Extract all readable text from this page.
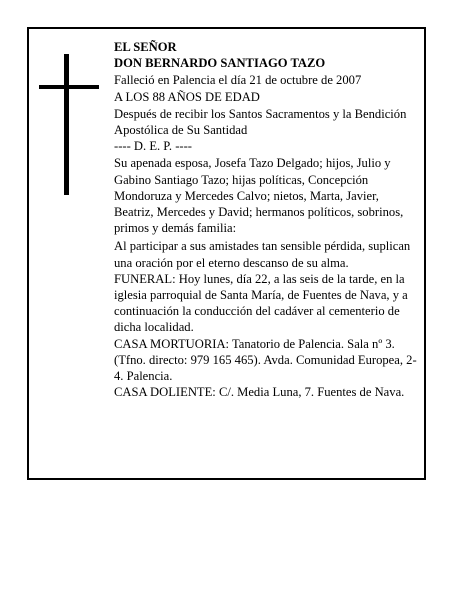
EL SEÑOR

DON BERNARDO SANTIAGO TAZO

Falleció en Palencia el día 21 de octubre de 2007

A LOS 88 AÑOS DE EDAD

Después de recibir los Santos Sacramentos y la Bendición Apostólica de Su Santidad

---- D. E. P. ----

Su apenada esposa, Josefa Tazo Delgado; hijos, Julio y Gabino Santiago Tazo; hijas políticas, Concepción Mondoruza y Mercedes Calvo; nietos, Marta, Javier, Beatriz, Mercedes y David; hermanos políticos, sobrinos, primos y demás familia:

Al participar a sus amistades tan sensible pérdida, suplican una oración por el eterno descanso de su alma.

FUNERAL: Hoy lunes, día 22, a las seis de la tarde, en la iglesia parroquial de Santa María, de Fuentes de Nava, y a continuación la conducción del cadáver al cementerio de dicha localidad.

CASA MORTUORIA: Tanatorio de Palencia. Sala nº 3. (Tfno. directo: 979 165 465). Avda. Comunidad Europea, 2-4. Palencia.

CASA DOLIENTE: C/. Media Luna, 7. Fuentes de Nava.
